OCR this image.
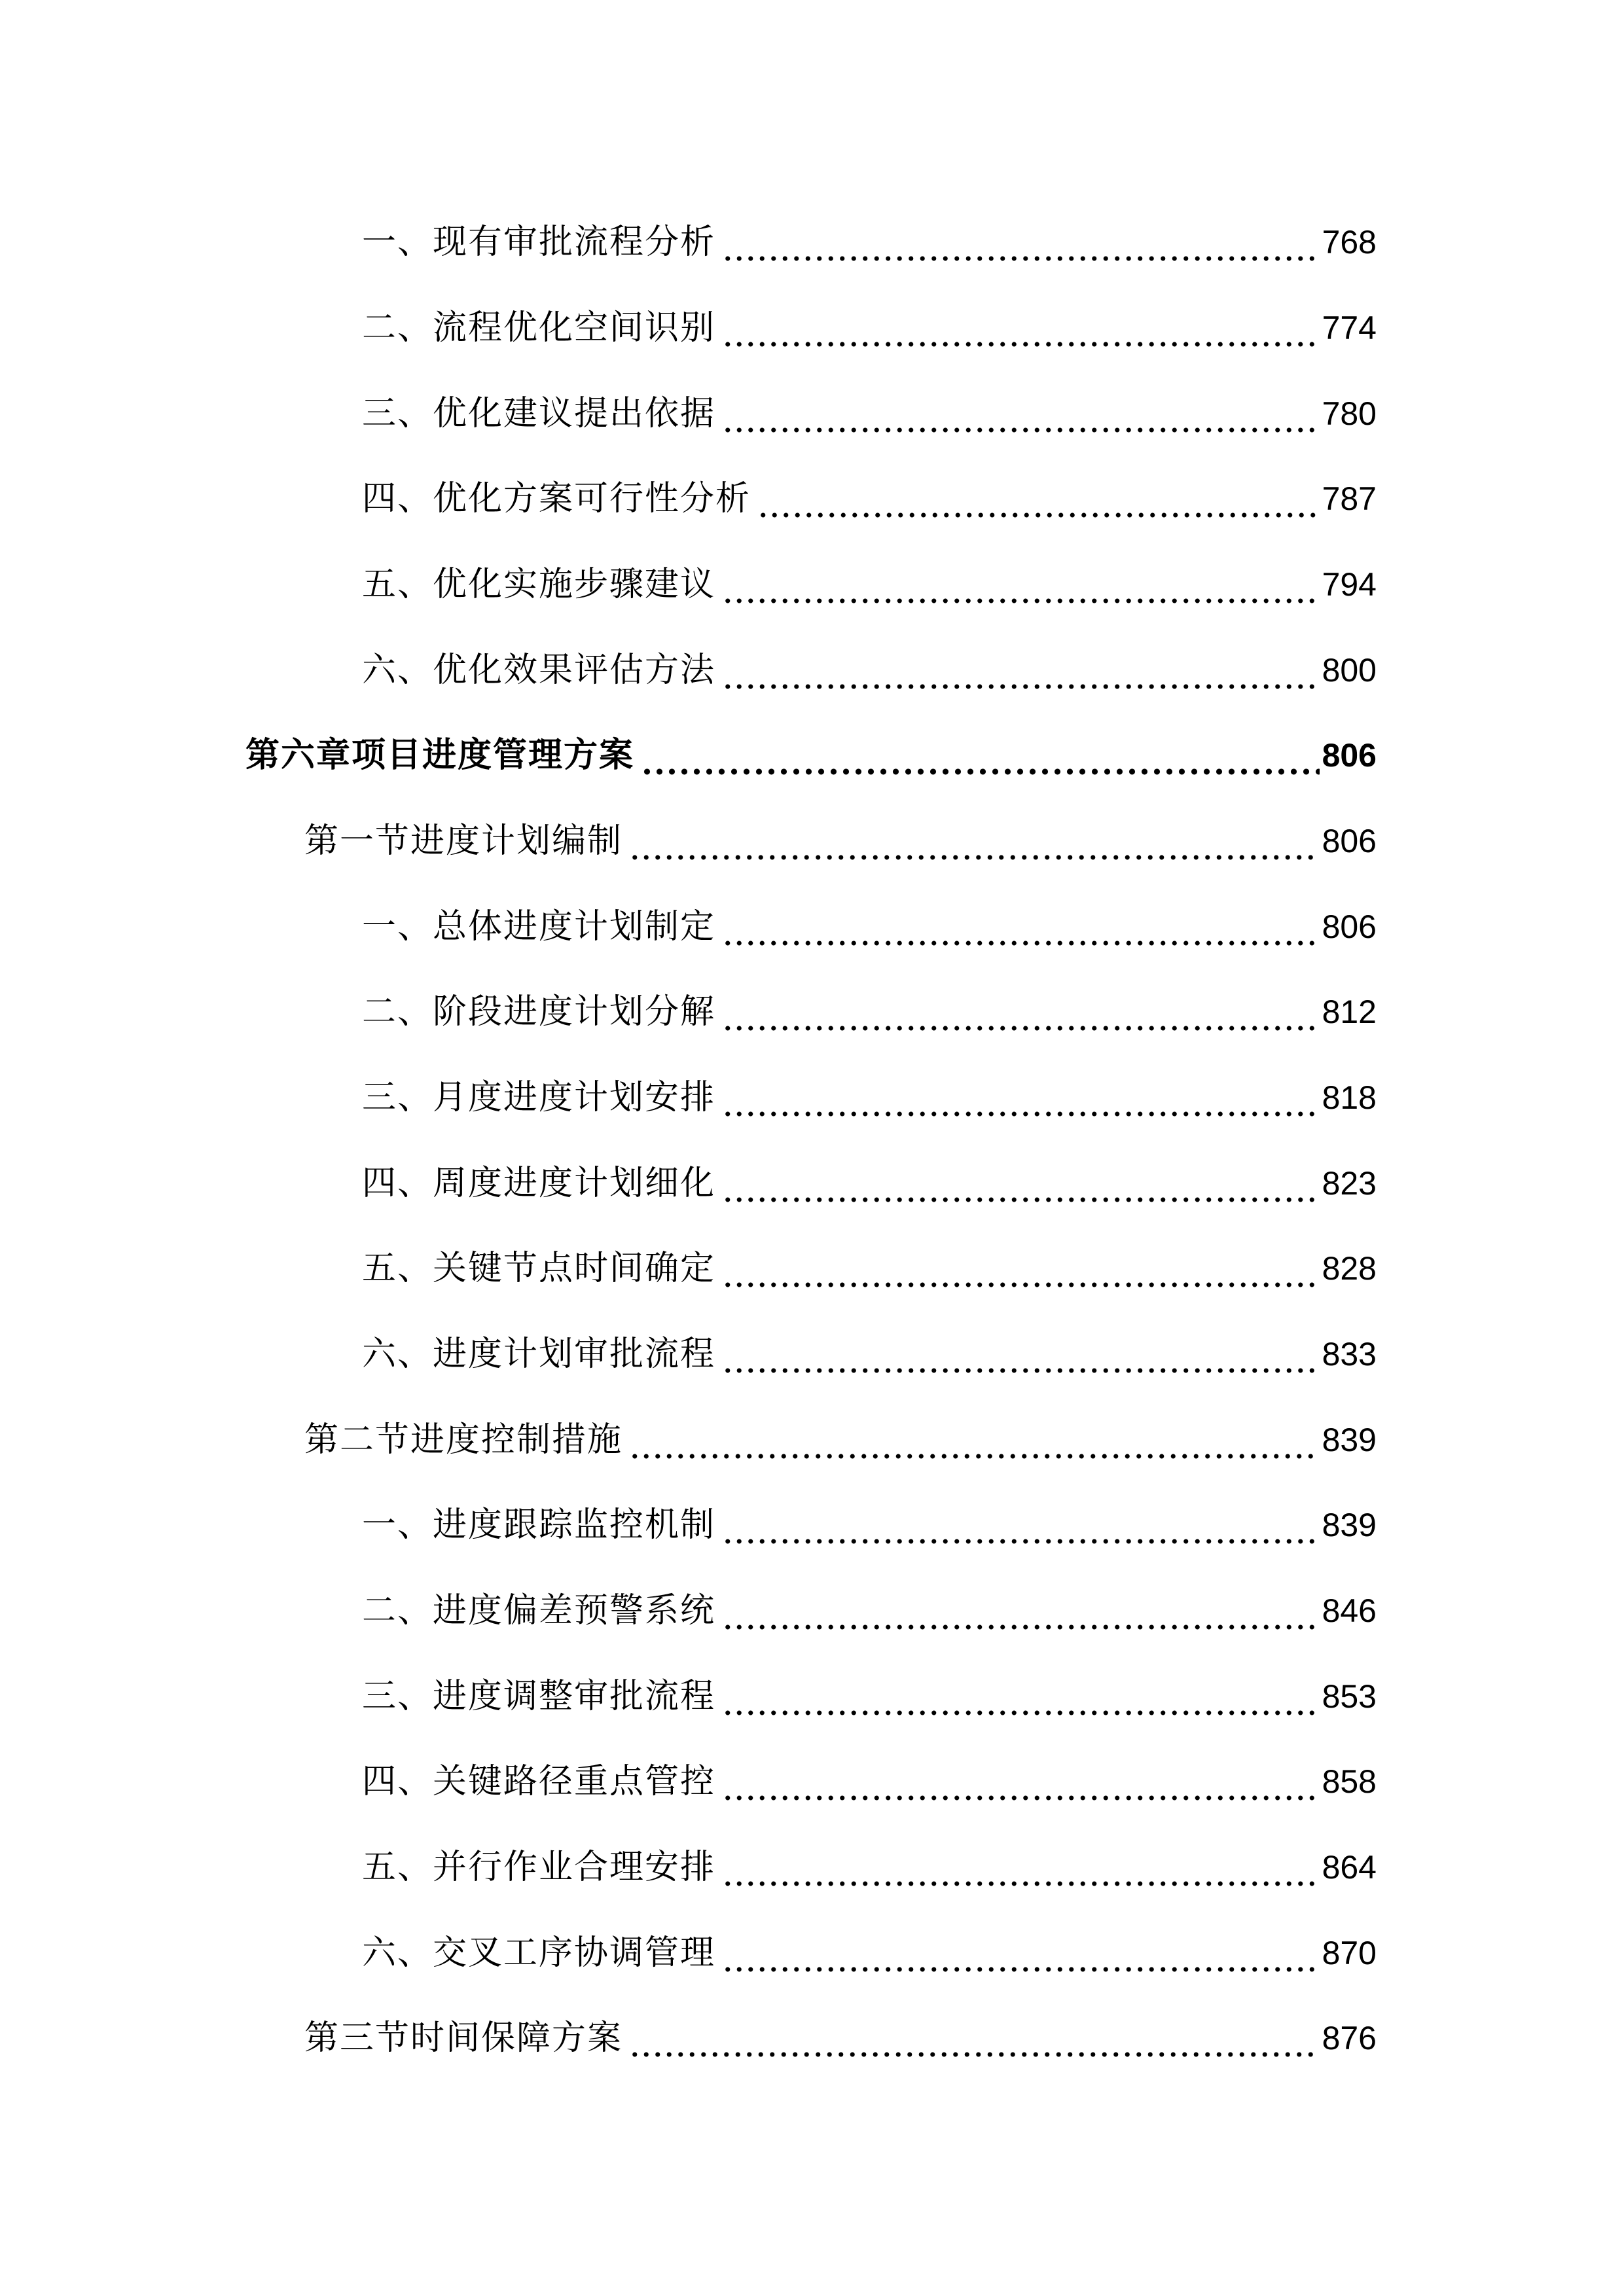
一、现有审批流程分析	768
二、流程优化空间识别	774
三、优化建议提出依据	780
四、优化方案可行性分析	787
五、优化实施步骤建议	794
六、优化效果评估方法	800
第六章项目进度管理方案	806
第一节进度计划编制	806
一、总体进度计划制定	806
二、阶段进度计划分解	812
三、月度进度计划安排	818
四、周度进度计划细化	823
五、关键节点时间确定	828
六、进度计划审批流程	833
第二节进度控制措施	839
一、进度跟踪监控机制	839
二、进度偏差预警系统	846
三、进度调整审批流程	853
四、关键路径重点管控	858
五、并行作业合理安排	864
六、交叉工序协调管理	870
第三节时间保障方案	876
